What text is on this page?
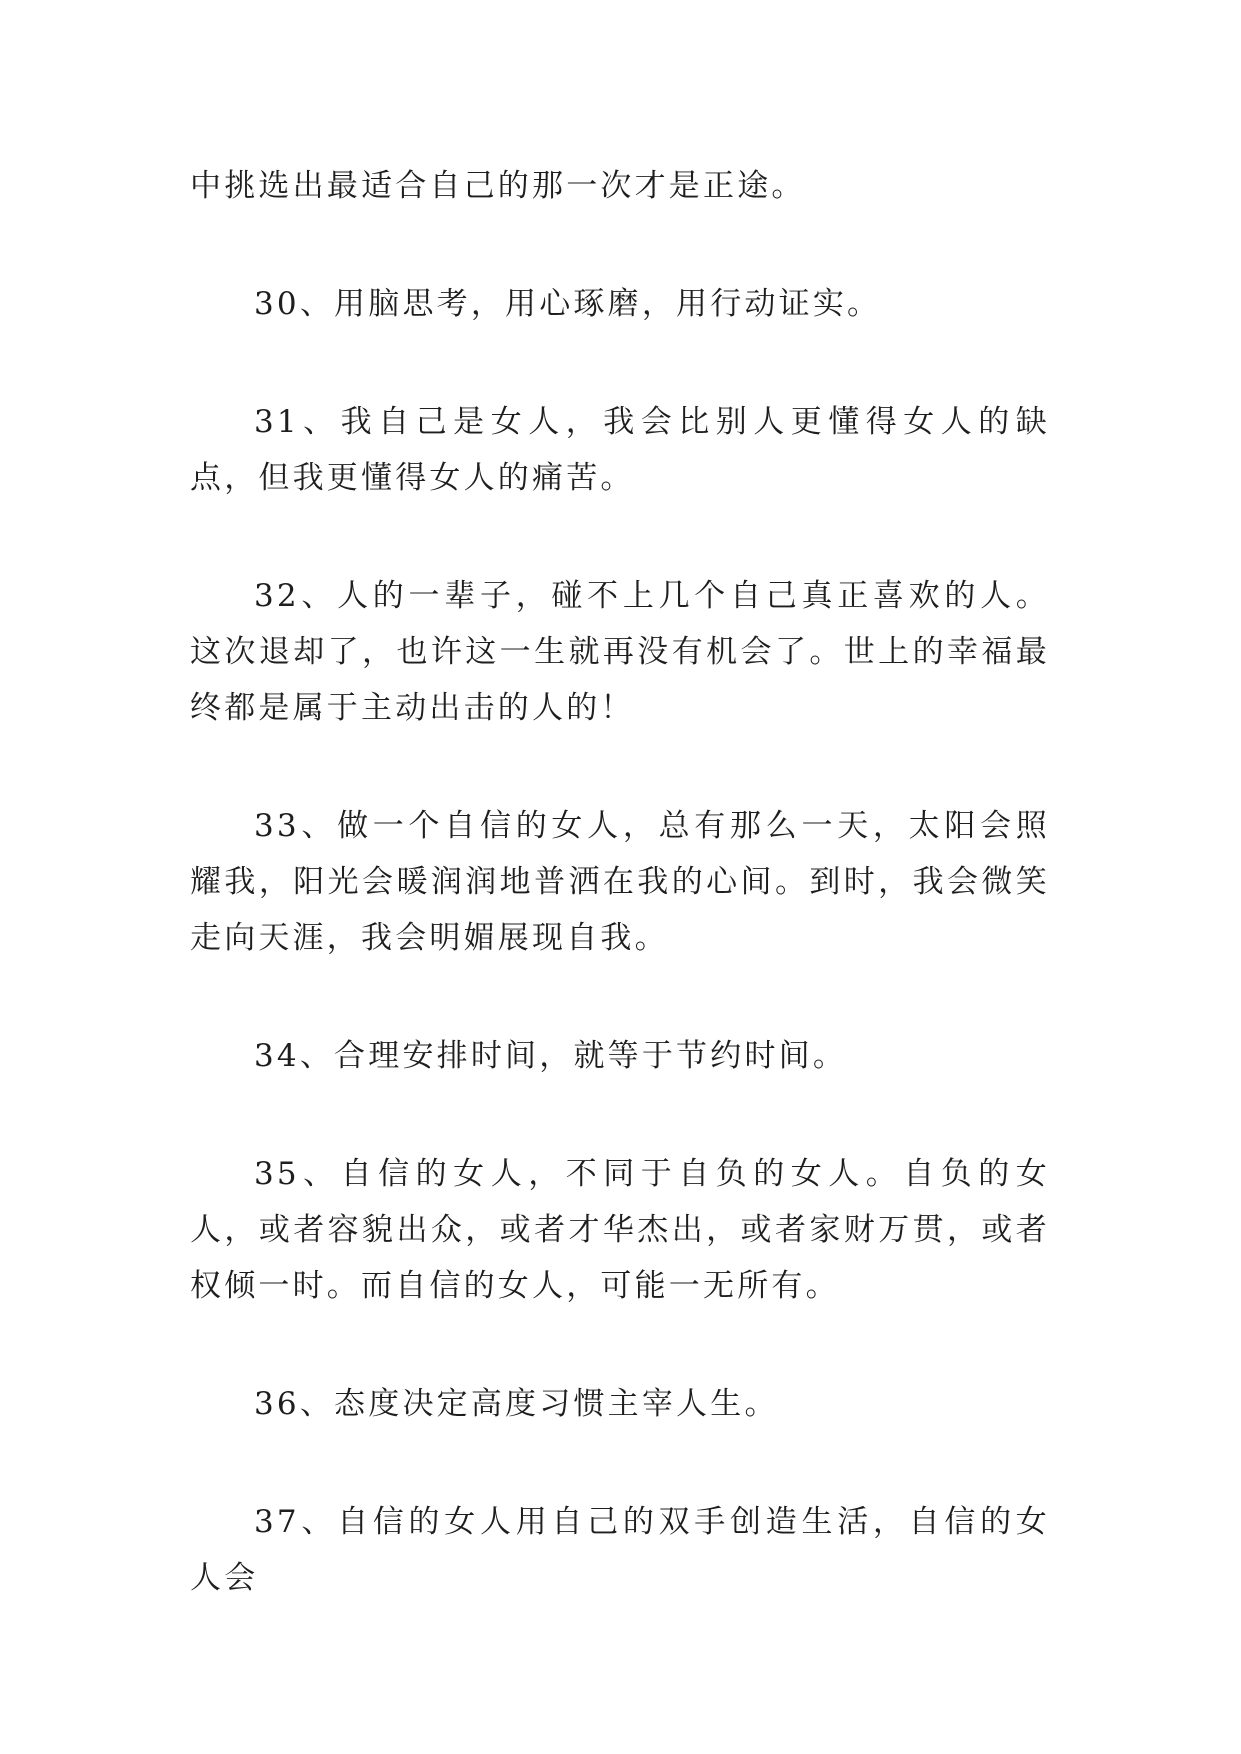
中挑选出最适合自己的那一次才是正途。

30、用脑思考，用心琢磨，用行动证实。

31、我自己是女人，我会比别人更懂得女人的缺点，但我更懂得女人的痛苦。

32、人的一辈子，碰不上几个自己真正喜欢的人。这次退却了，也许这一生就再没有机会了。世上的幸福最终都是属于主动出击的人的！

33、做一个自信的女人，总有那么一天，太阳会照耀我，阳光会暖润润地普洒在我的心间。到时，我会微笑走向天涯，我会明媚展现自我。

34、合理安排时间，就等于节约时间。

35、自信的女人，不同于自负的女人。自负的女人，或者容貌出众，或者才华杰出，或者家财万贯，或者权倾一时。而自信的女人，可能一无所有。

36、态度决定高度习惯主宰人生。

37、自信的女人用自己的双手创造生活，自信的女人会
